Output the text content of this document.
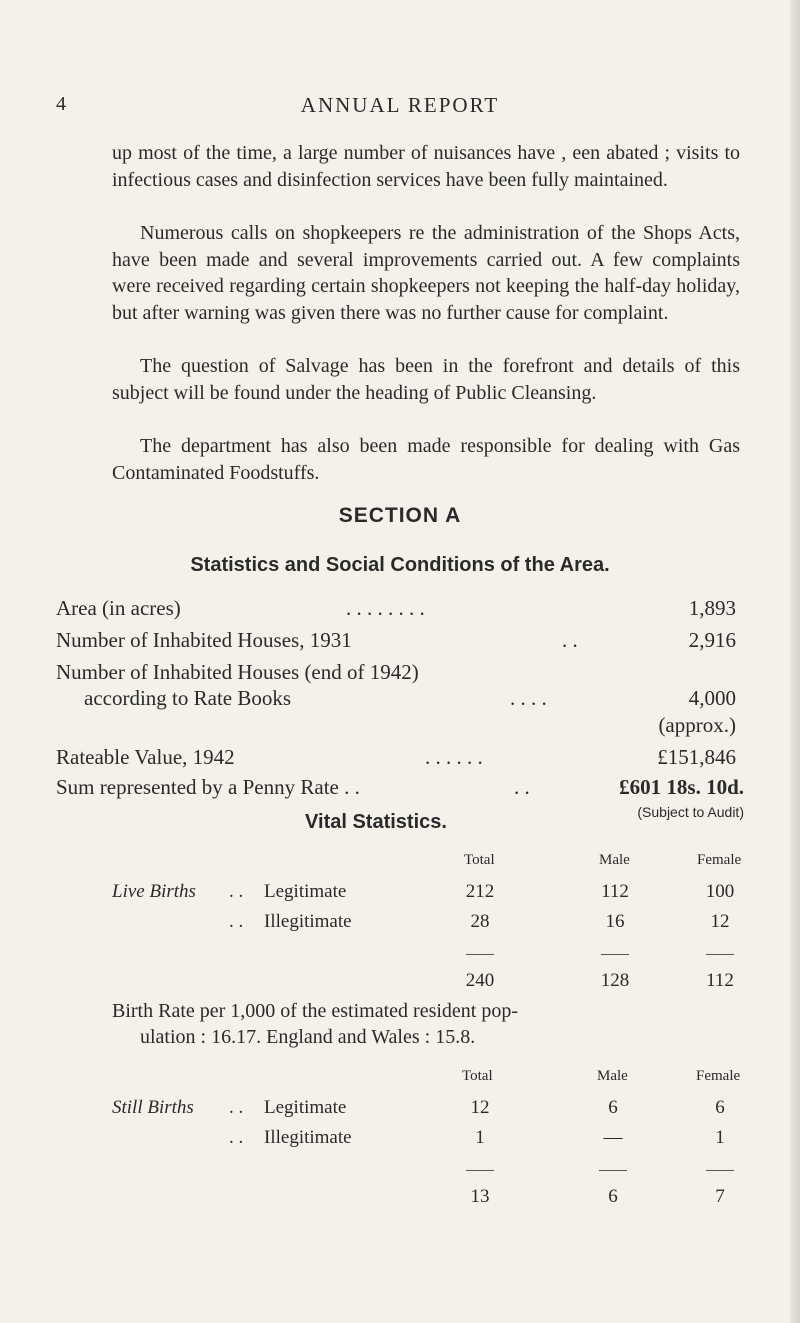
4	ANNUAL REPORT
up most of the time, a large number of nuisances have , een abated ; visits to infectious cases and disinfection services have been fully maintained.
Numerous calls on shopkeepers re the administration of the Shops Acts, have been made and several improvements carried out. A few complaints were received regarding certain shopkeepers not keeping the half-day holiday, but after warning was given there was no further cause for complaint.
The question of Salvage has been in the forefront and details of this subject will be found under the heading of Public Cleansing.
The department has also been made responsible for dealing with Gas Contaminated Foodstuffs.
SECTION A
Statistics and Social Conditions of the Area.
Area (in acres)	. . . . . . . .	1,893
Number of Inhabited Houses, 1931	. .	2,916
Number of Inhabited Houses (end of 1942)
according to Rate Books	. . . .	4,000
(approx.)
Rateable Value, 1942	. . . . . .	£151,846
Sum represented by a Penny Rate . .	. .	£601 18s. 10d.
(Subject to Audit)
Vital Statistics.
Total	Male	Female
Live Births . . Legitimate	212	112	100
. . Illegitimate	28	16	12
240	128	112
Birth Rate per 1,000 of the estimated resident pop-
ulation : 16.17. England and Wales : 15.8.
Total	Male	Female
Still Births . . Legitimate	12	6	6
. . Illegitimate	1	—	1
13	6	7
